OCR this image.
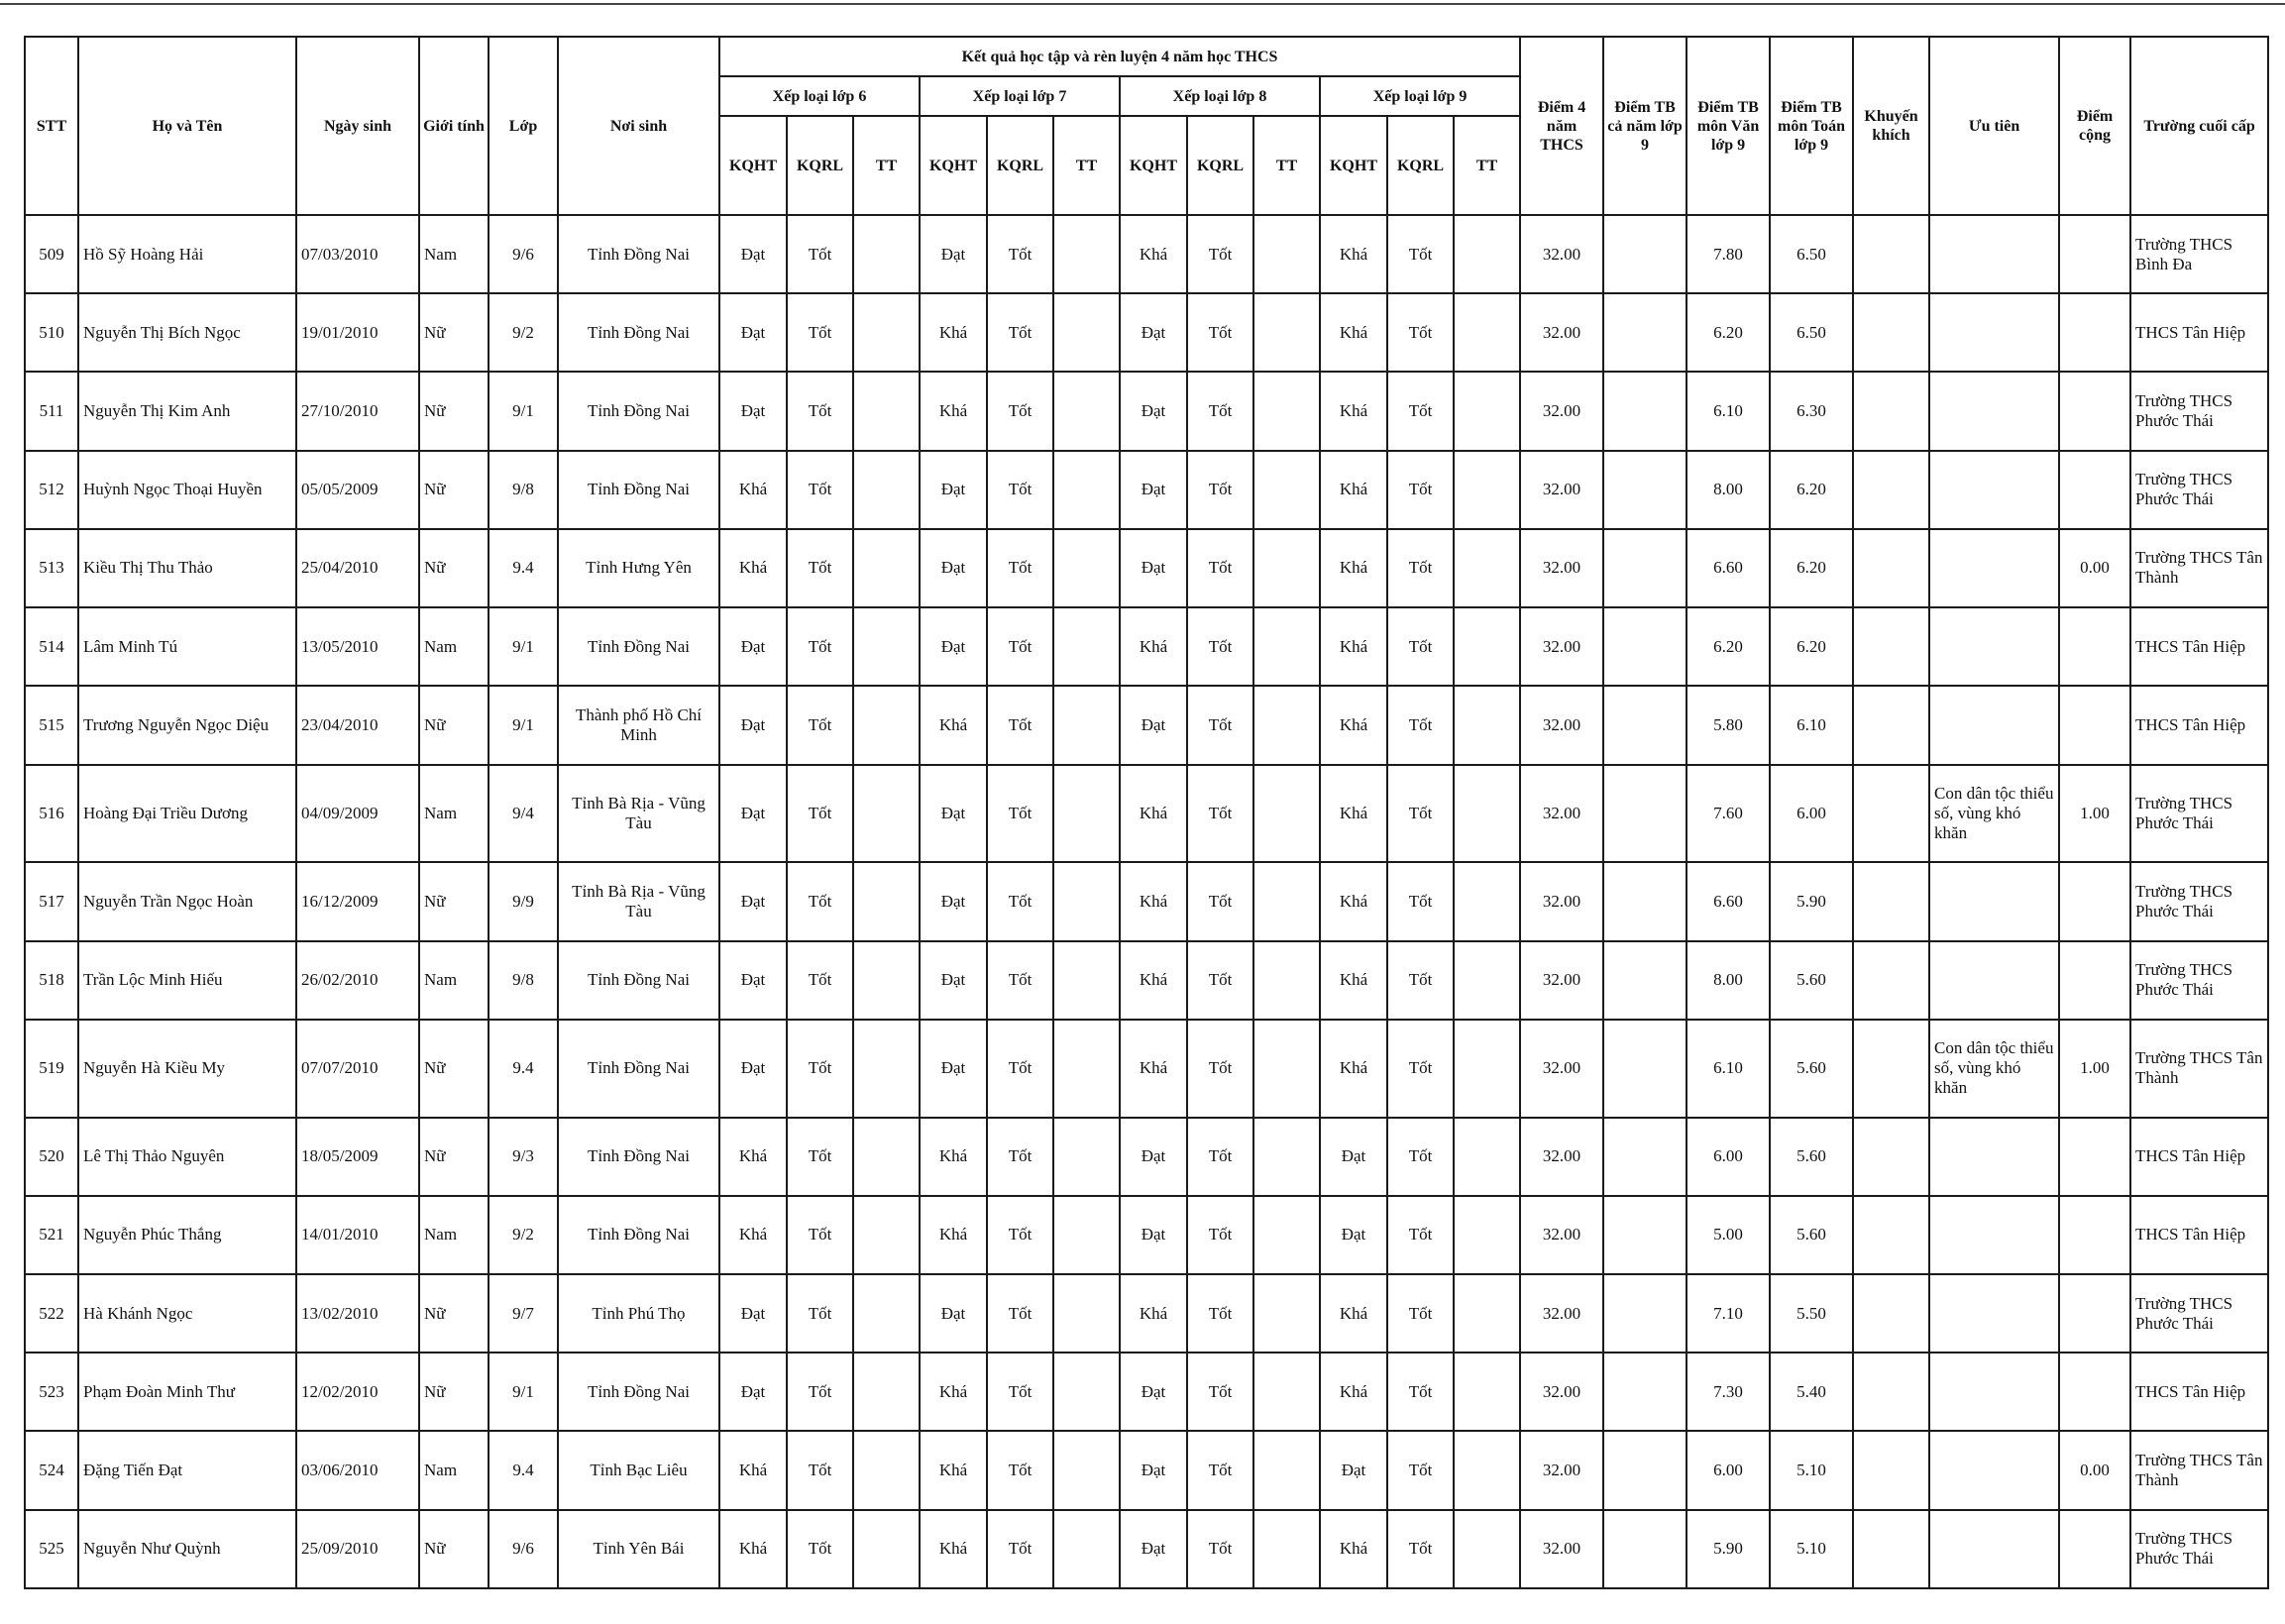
STT	Họ và Tên	Ngày sinh	Giới tính	Lớp	Nơi sinh	Kết quả học tập và rèn luyện 4 năm học THCS												Điểm 4 năm THCS	Điểm TB cả năm lớp 9	Điểm TB môn Văn lớp 9	Điểm TB môn Toán lớp 9	Khuyến khích	Ưu tiên	Điểm cộng	Trường cuối cấp
						Xếp loại lớp 6			Xếp loại lớp 7			Xếp loại lớp 8			Xếp loại lớp 9										
						KQHT	KQRL	TT	KQHT	KQRL	TT	KQHT	KQRL	TT	KQHT	KQRL	TT								
509	Hồ Sỹ Hoàng Hải	07/03/2010	Nam	9/6	Tỉnh Đồng Nai	Đạt	Tốt		Đạt	Tốt		Khá	Tốt		Khá	Tốt		32.00		7.80	6.50				Trường THCS Bình Đa
510	Nguyễn Thị Bích Ngọc	19/01/2010	Nữ	9/2	Tỉnh Đồng Nai	Đạt	Tốt		Khá	Tốt		Đạt	Tốt		Khá	Tốt		32.00		6.20	6.50				THCS Tân Hiệp
511	Nguyễn Thị Kim Anh	27/10/2010	Nữ	9/1	Tỉnh Đồng Nai	Đạt	Tốt		Khá	Tốt		Đạt	Tốt		Khá	Tốt		32.00		6.10	6.30				Trường THCS Phước Thái
512	Huỳnh Ngọc Thoại Huyền	05/05/2009	Nữ	9/8	Tỉnh Đồng Nai	Khá	Tốt		Đạt	Tốt		Đạt	Tốt		Khá	Tốt		32.00		8.00	6.20				Trường THCS Phước Thái
513	Kiều Thị Thu Thảo	25/04/2010	Nữ	9.4	Tỉnh Hưng Yên	Khá	Tốt		Đạt	Tốt		Đạt	Tốt		Khá	Tốt		32.00		6.60	6.20			0.00	Trường THCS Tân Thành
514	Lâm Minh Tú	13/05/2010	Nam	9/1	Tỉnh Đồng Nai	Đạt	Tốt		Đạt	Tốt		Khá	Tốt		Khá	Tốt		32.00		6.20	6.20				THCS Tân Hiệp
515	Trương Nguyễn Ngọc Diệu	23/04/2010	Nữ	9/1	Thành phố Hồ Chí Minh	Đạt	Tốt		Khá	Tốt		Đạt	Tốt		Khá	Tốt		32.00		5.80	6.10				THCS Tân Hiệp
516	Hoàng Đại Triều Dương	04/09/2009	Nam	9/4	Tỉnh Bà Rịa - Vũng Tàu	Đạt	Tốt		Đạt	Tốt		Khá	Tốt		Khá	Tốt		32.00		7.60	6.00		Con dân tộc thiểu số, vùng khó khăn	1.00	Trường THCS Phước Thái
517	Nguyễn Trần Ngọc Hoàn	16/12/2009	Nữ	9/9	Tỉnh Bà Rịa - Vũng Tàu	Đạt	Tốt		Đạt	Tốt		Khá	Tốt		Khá	Tốt		32.00		6.60	5.90				Trường THCS Phước Thái
518	Trần Lộc Minh Hiếu	26/02/2010	Nam	9/8	Tỉnh Đồng Nai	Đạt	Tốt		Đạt	Tốt		Khá	Tốt		Khá	Tốt		32.00		8.00	5.60				Trường THCS Phước Thái
519	Nguyễn Hà Kiều My	07/07/2010	Nữ	9.4	Tỉnh Đồng Nai	Đạt	Tốt		Đạt	Tốt		Khá	Tốt		Khá	Tốt		32.00		6.10	5.60		Con dân tộc thiểu số, vùng khó khăn	1.00	Trường THCS Tân Thành
520	Lê Thị Thảo Nguyên	18/05/2009	Nữ	9/3	Tỉnh Đồng Nai	Khá	Tốt		Khá	Tốt		Đạt	Tốt		Đạt	Tốt		32.00		6.00	5.60				THCS Tân Hiệp
521	Nguyễn Phúc Thắng	14/01/2010	Nam	9/2	Tỉnh Đồng Nai	Khá	Tốt		Khá	Tốt		Đạt	Tốt		Đạt	Tốt		32.00		5.00	5.60				THCS Tân Hiệp
522	Hà Khánh Ngọc	13/02/2010	Nữ	9/7	Tỉnh Phú Thọ	Đạt	Tốt		Đạt	Tốt		Khá	Tốt		Khá	Tốt		32.00		7.10	5.50				Trường THCS Phước Thái
523	Phạm Đoàn Minh Thư	12/02/2010	Nữ	9/1	Tỉnh Đồng Nai	Đạt	Tốt		Khá	Tốt		Đạt	Tốt		Khá	Tốt		32.00		7.30	5.40				THCS Tân Hiệp
524	Đặng Tiến Đạt	03/06/2010	Nam	9.4	Tỉnh Bạc Liêu	Khá	Tốt		Khá	Tốt		Đạt	Tốt		Đạt	Tốt		32.00		6.00	5.10			0.00	Trường THCS Tân Thành
525	Nguyễn Như Quỳnh	25/09/2010	Nữ	9/6	Tỉnh Yên Bái	Khá	Tốt		Khá	Tốt		Đạt	Tốt		Khá	Tốt		32.00		5.90	5.10				Trường THCS Phước Thái
